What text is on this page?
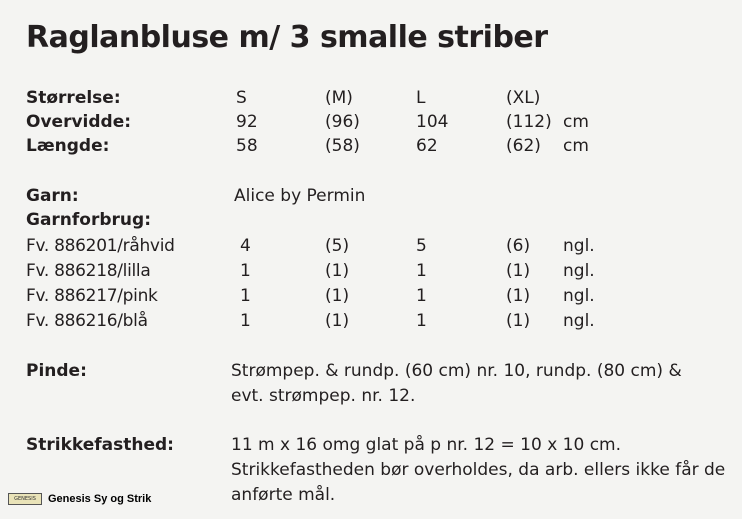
Raglanbluse m/ 3 smalle striber
Størrelse:	S	(M)	L	(XL)
Overvidde:	92	(96)	104	(112) cm
Længde:	58	(58)	62	(62) cm
Garn:	Alice by Permin
Garnforbrug:
Fv. 886201/råhvid	4	(5)	5	(6) ngl.
Fv. 886218/lilla	1	(1)	1	(1) ngl.
Fv. 886217/pink	1	(1)	1	(1) ngl.
Fv. 886216/blå	1	(1)	1	(1) ngl.
Pinde:	Strømpep. & rundp. (60 cm) nr. 10, rundp. (80 cm) &
evt. strømpep. nr. 12.
Strikkefasthed:	11 m x 16 omg glat på p nr. 12 = 10 x 10 cm.
Strikkefastheden bør overholdes, da arb. ellers ikke får de
anførte mål.
GENESIS	Genesis Sy og Strik
